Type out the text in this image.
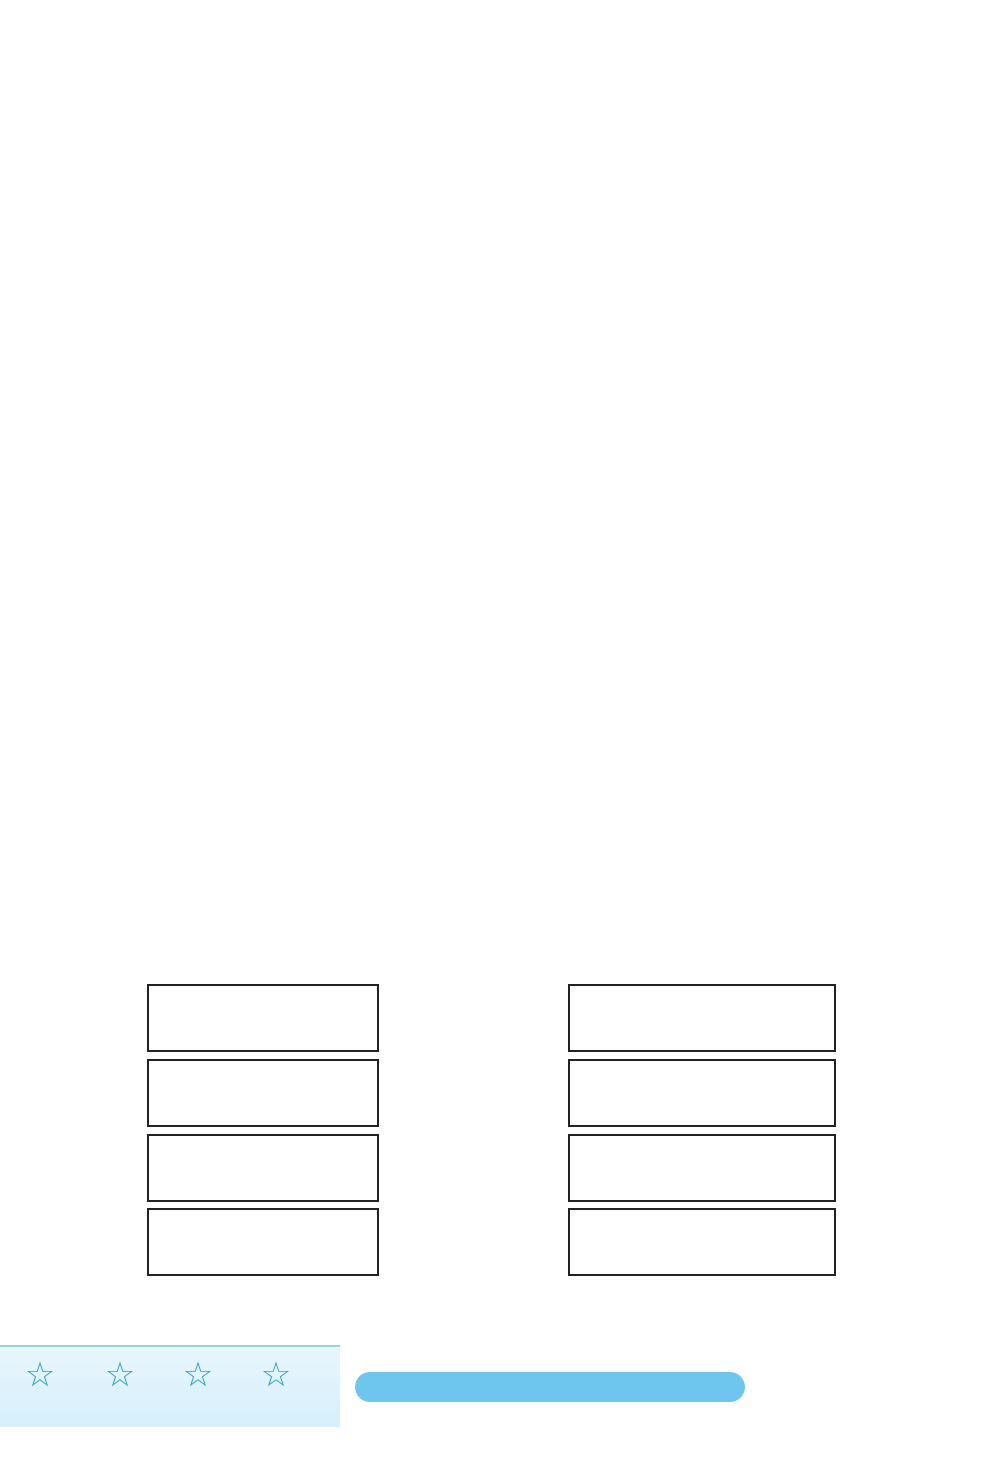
☆	☆	☆	☆
